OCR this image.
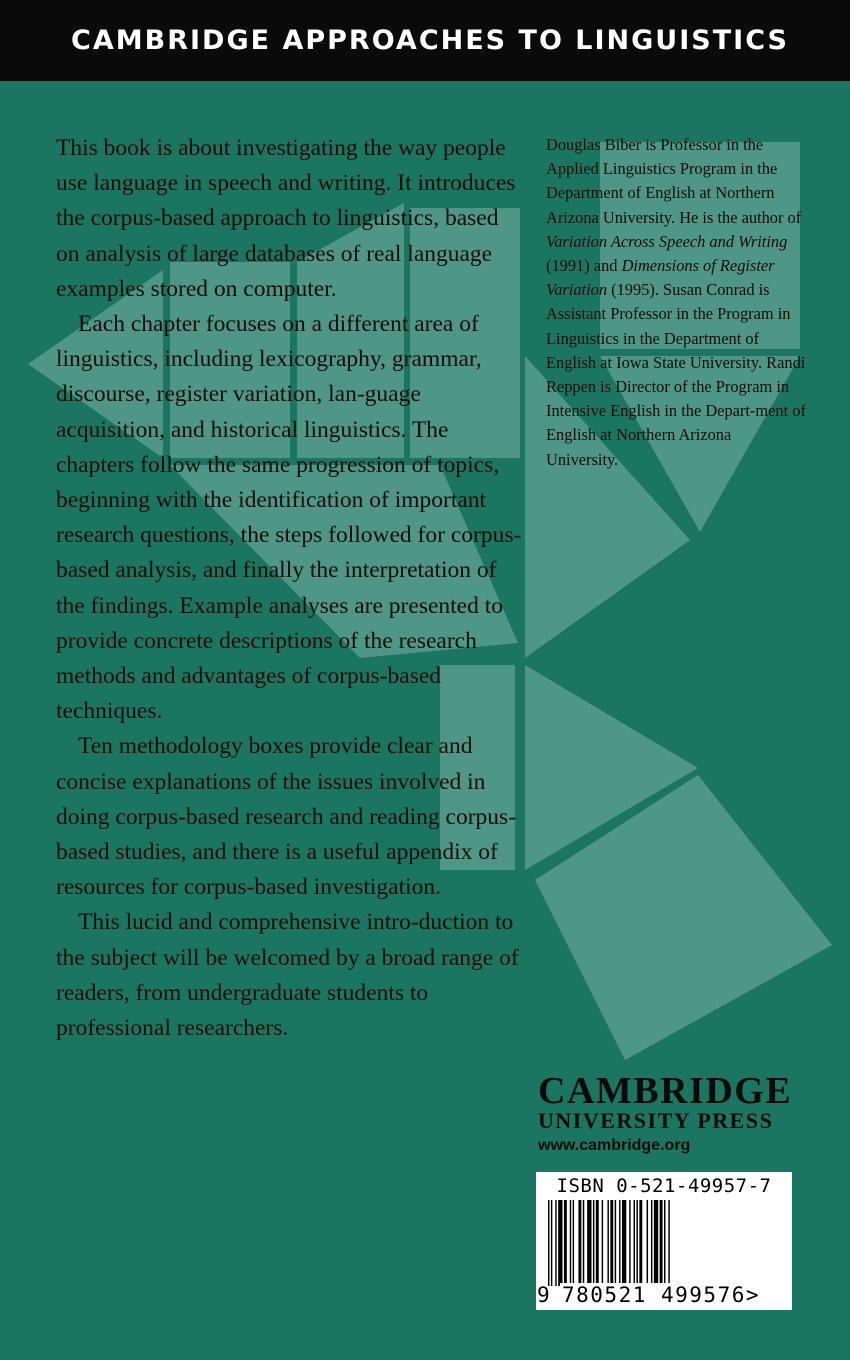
CAMBRIDGE APPROACHES TO LINGUISTICS

This book is about investigating the way people use language in speech and writing. It introduces the corpus-based approach to linguistics, based on analysis of large databases of real language examples stored on computer.

Each chapter focuses on a different area of linguistics, including lexicography, grammar, discourse, register variation, lan-guage acquisition, and historical linguistics. The chapters follow the same progression of topics, beginning with the identification of important research questions, the steps followed for corpus-based analysis, and finally the interpretation of the findings. Example analyses are presented to provide concrete descriptions of the research methods and advantages of corpus-based techniques.

Ten methodology boxes provide clear and concise explanations of the issues involved in doing corpus-based research and reading corpus-based studies, and there is a useful appendix of resources for corpus-based investigation.

This lucid and comprehensive intro-duction to the subject will be welcomed by a broad range of readers, from undergraduate students to professional researchers.

Douglas Biber is Professor in the Applied Linguistics Program in the Department of English at Northern Arizona University. He is the author of Variation Across Speech and Writing (1991) and Dimensions of Register Variation (1995). Susan Conrad is Assistant Professor in the Program in Linguistics in the Department of English at Iowa State University. Randi Reppen is Director of the Program in Intensive English in the Depart-ment of English at Northern Arizona University.

CAMBRIDGE
UNIVERSITY PRESS
www.cambridge.org
ISBN 0-521-49957-7
9 780521 499576>
